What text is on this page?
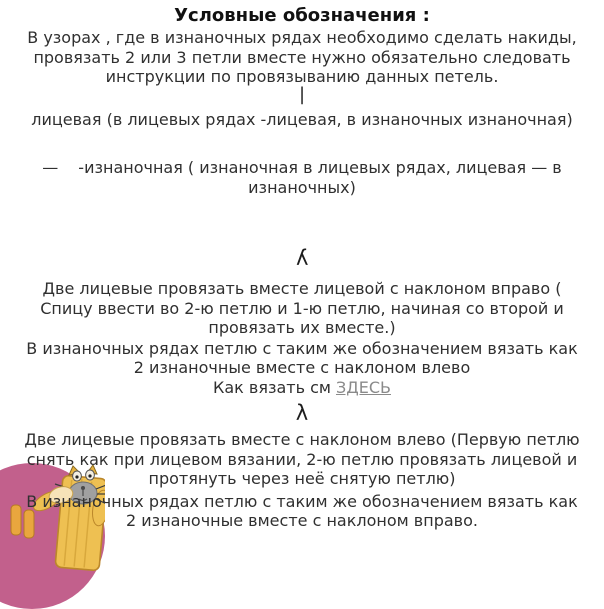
Условные обозначения :

В узорах , где в изнаночных рядах необходимо сделать накиды, провязать 2 или 3 петли вместе нужно обязательно следовать инструкции по провязыванию данных петель.

|

лицевая (в лицевых рядах -лицевая, в изнаночных изнаночная)

— -изнаночная ( изнаночная в лицевых рядах, лицевая — в изнаночных)

λ

Две лицевые провязать вместе лицевой с наклоном вправо ( Спицу ввести во 2-ю петлю и 1-ю петлю, начиная со второй и провязать их вместе.)

В изнаночных рядах петлю с таким же обозначением вязать как 2 изнаночные вместе с наклоном влево

Как вязать см ЗДЕСЬ

λ

Две лицевые провязать вместе с наклоном влево (Первую петлю снять как при лицевом вязании, 2-ю петлю провязать лицевой и протянуть через неё снятую петлю)

В изнаночных рядах петлю с таким же обозначением вязать как 2 изнаночные вместе с наклоном вправо.
